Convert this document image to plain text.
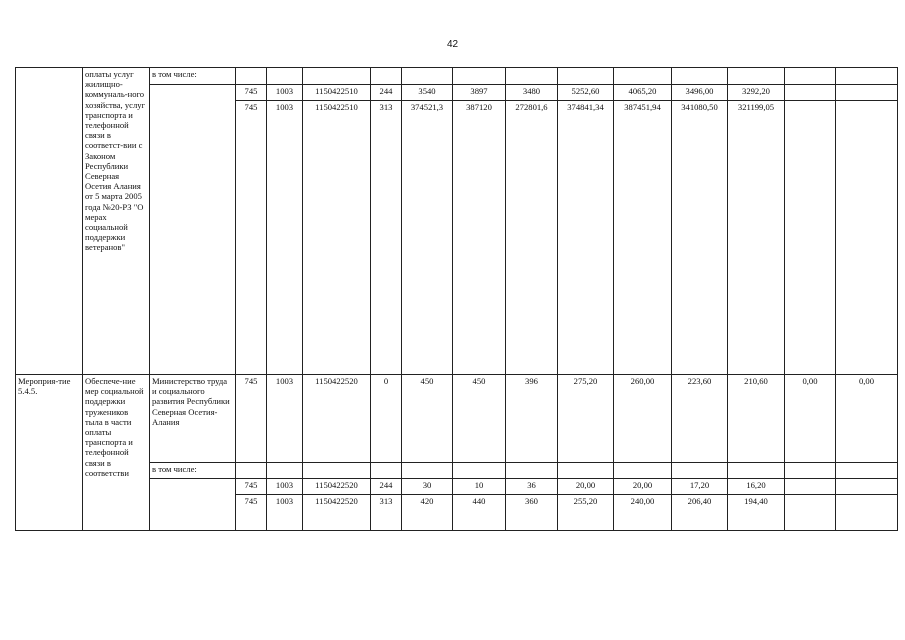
42
	оплаты услуг жилищно-коммуналь-ного хозяйства, услуг транспорта и телефонной связи в соответст-вии с Законом Республики Северная Осетия Алания от 5 марта 2005 года №20-РЗ "О мерах социальной поддержки ветеранов"	в том числе:													
			745	1003	1150422510	244	3540	3897	3480	5252,60	4065,20	3496,00	3292,20		
			745	1003	1150422510	313	374521,3	387120	272801,6	374841,34	387451,94	341080,50	321199,05		
Мероприя-тие 5.4.5.	Обеспече-ние мер социальной поддержки тружеников тыла в части оплаты транспорта и телефонной связи в соответстви	Министерство труда и социального развития Республики Северная Осетия-Алания	745	1003	1150422520	0	450	450	396	275,20	260,00	223,60	210,60	0,00	0,00
		в том числе:													
			745	1003	1150422520	244	30	10	36	20,00	20,00	17,20	16,20		
			745	1003	1150422520	313	420	440	360	255,20	240,00	206,40	194,40		
